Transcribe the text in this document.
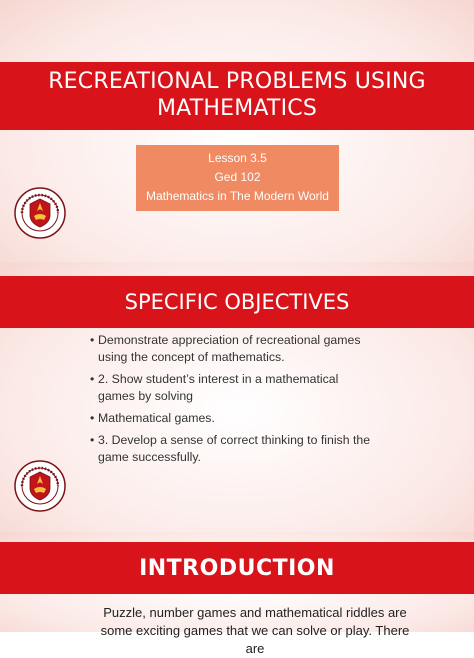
RECREATIONAL PROBLEMS USING
MATHEMATICS
Lesson 3.5
Ged 102
Mathematics in The Modern World
SPECIFIC OBJECTIVES
• Demonstrate appreciation of recreational games
using the concept of mathematics.
• 2. Show student’s interest in a mathematical
games by solving
• Mathematical games.
• 3. Develop a sense of correct thinking to finish the
game successfully.
INTRODUCTION
Puzzle, number games and mathematical riddles are
some exciting games that we can solve or play. There are
